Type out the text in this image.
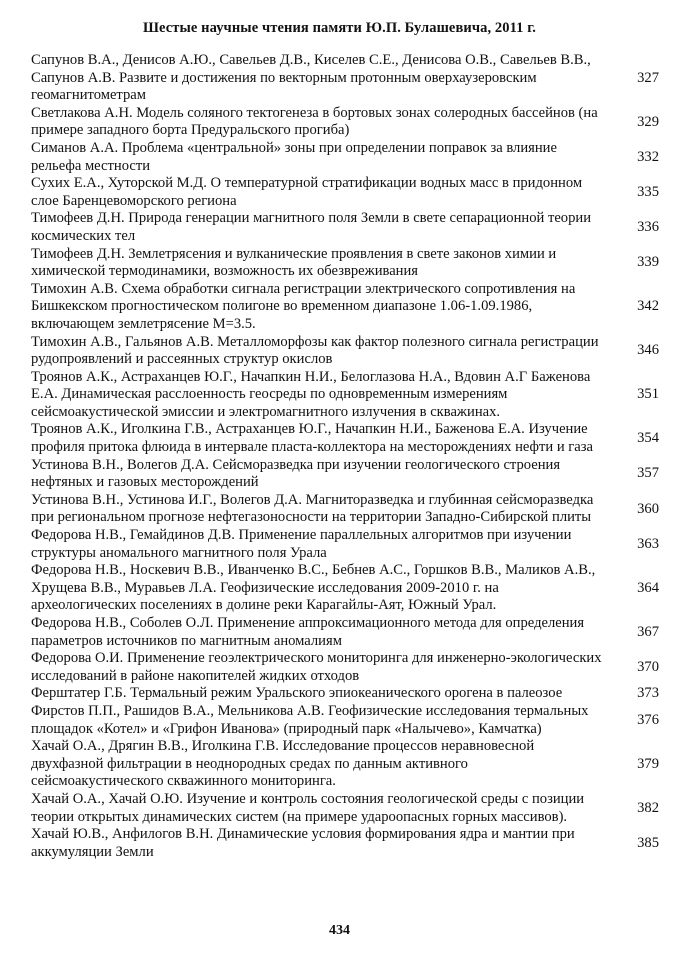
Шестые научные чтения памяти Ю.П. Булашевича, 2011 г.
Сапунов В.А., Денисов А.Ю., Савельев Д.В., Киселев С.Е., Денисова О.В., Савельев В.В., Сапунов А.В. Развите и достижения по векторным протонным оверхаузеровским геомагнитометрам
327
Светлакова А.Н. Модель соляного тектогенеза в бортовых зонах солеродных бассейнов (на примере западного борта Предуральского прогиба)
329
Симанов А.А. Проблема «центральной» зоны при определении поправок за влияние рельефа местности
332
Сухих Е.А., Хуторской М.Д. О температурной стратификации водных масс в придонном слое Баренцевоморского региона
335
Тимофеев Д.Н. Природа генерации магнитного поля Земли в свете сепарационной теории космических тел
336
Тимофеев Д.Н. Землетрясения и вулканические проявления в свете законов химии и химической термодинамики, возможность их обезвреживания
339
Тимохин А.В. Схема обработки сигнала регистрации электрического сопротивления на Бишкекском прогностическом полигоне во временном диапазоне 1.06-1.09.1986, включающем землетрясение М=3.5.
342
Тимохин А.В., Гальянов А.В. Металломорфозы как фактор полезного сигнала регистрации рудопроявлений и рассеянных структур окислов
346
Троянов А.К., Астраханцев Ю.Г., Начапкин Н.И., Белоглазова Н.А., Вдовин А.Г Баженова Е.А. Динамическая расслоенность геосреды по одновременным измерениям сейсмоакустической эмиссии и электромагнитного излучения в скважинах.
351
Троянов А.К., Иголкина Г.В., Астраханцев Ю.Г., Начапкин Н.И., Баженова Е.А. Изучение профиля притока флюида в интервале пласта-коллектора на месторождениях нефти и газа
354
Устинова В.Н., Волегов Д.А. Сейсморазведка при изучении геологического строения нефтяных и газовых месторождений
357
Устинова В.Н., Устинова И.Г., Волегов Д.А. Магниторазведка и глубинная сейсморазведка при региональном прогнозе нефтегазоносности на территории Западно-Сибирской плиты
360
Федорова Н.В., Гемайдинов Д.В. Применение параллельных алгоритмов при изучении структуры аномального магнитного поля Урала
363
Федорова Н.В., Носкевич В.В., Иванченко В.С., Бебнев А.С., Горшков В.В., Маликов А.В., Хрущева В.В., Муравьев Л.А. Геофизические исследования 2009-2010 г. на археологических поселениях в долине реки Карагайлы-Аят, Южный Урал.
364
Федорова Н.В., Соболев О.Л. Применение аппроксимационного метода для определения параметров источников по магнитным аномалиям
367
Федорова О.И. Применение геоэлектрического мониторинга для инженерно-экологических исследований в районе накопителей жидких отходов
370
Ферштатер Г.Б. Термальный режим Уральского эпиокеанического орогена в палеозое	373
Фирстов П.П., Рашидов В.А., Мельникова А.В. Геофизические исследования термальных площадок «Котел» и «Грифон Иванова» (природный парк «Налычево», Камчатка)
376
Хачай О.А., Дрягин В.В., Иголкина Г.В. Исследование процессов неравновесной двухфазной фильтрации в неоднородных средах по данным активного сейсмоакустического скважинного мониторинга.
379
Хачай О.А., Хачай О.Ю. Изучение и контроль состояния геологической среды с позиции теории открытых динамических систем (на примере удароопасных горных массивов).
382
Хачай Ю.В., Анфилогов В.Н. Динамические условия формирования ядра и мантии при аккумуляции Земли
385
434
